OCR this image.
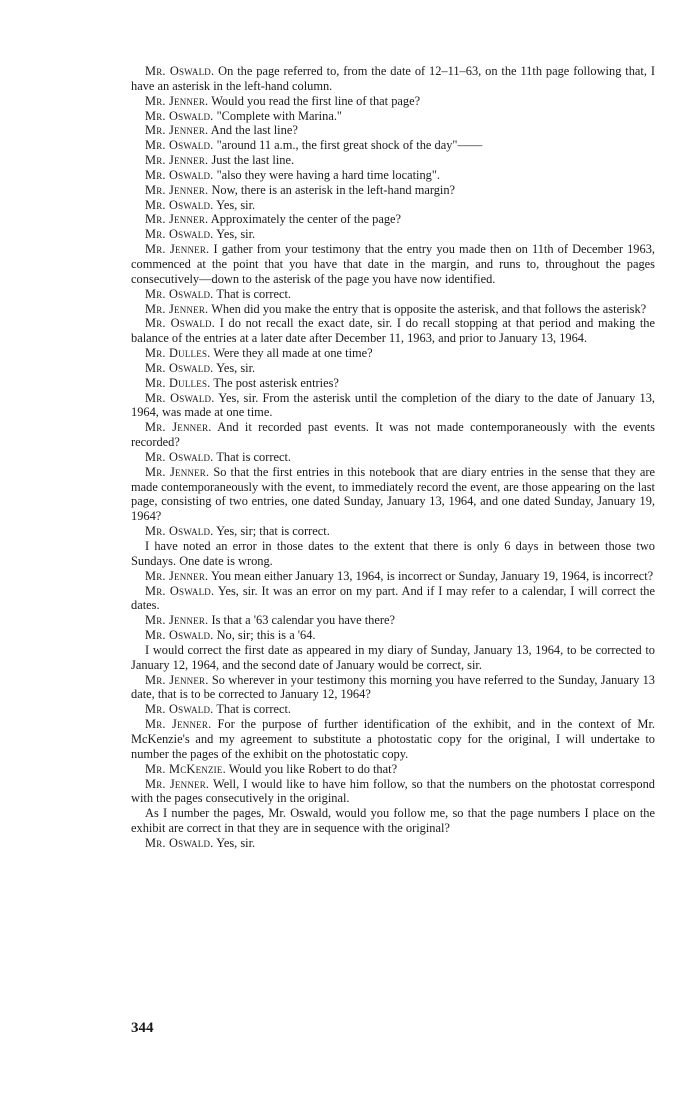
Mr. Oswald. On the page referred to, from the date of 12–11–63, on the 11th page following that, I have an asterisk in the left-hand column.

Mr. Jenner. Would you read the first line of that page?

Mr. Oswald. "Complete with Marina."

Mr. Jenner. And the last line?

Mr. Oswald. "around 11 a.m., the first great shock of the day"——

Mr. Jenner. Just the last line.

Mr. Oswald. "also they were having a hard time locating".

Mr. Jenner. Now, there is an asterisk in the left-hand margin?

Mr. Oswald. Yes, sir.

Mr. Jenner. Approximately the center of the page?

Mr. Oswald. Yes, sir.

Mr. Jenner. I gather from your testimony that the entry you made then on 11th of December 1963, commenced at the point that you have that date in the margin, and runs to, throughout the pages consecutively—down to the asterisk of the page you have now identified.

Mr. Oswald. That is correct.

Mr. Jenner. When did you make the entry that is opposite the asterisk, and that follows the asterisk?

Mr. Oswald. I do not recall the exact date, sir. I do recall stopping at that period and making the balance of the entries at a later date after December 11, 1963, and prior to January 13, 1964.

Mr. Dulles. Were they all made at one time?

Mr. Oswald. Yes, sir.

Mr. Dulles. The post asterisk entries?

Mr. Oswald. Yes, sir. From the asterisk until the completion of the diary to the date of January 13, 1964, was made at one time.

Mr. Jenner. And it recorded past events. It was not made contemporaneously with the events recorded?

Mr. Oswald. That is correct.

Mr. Jenner. So that the first entries in this notebook that are diary entries in the sense that they are made contemporaneously with the event, to immediately record the event, are those appearing on the last page, consisting of two entries, one dated Sunday, January 13, 1964, and one dated Sunday, January 19, 1964?

Mr. Oswald. Yes, sir; that is correct.

I have noted an error in those dates to the extent that there is only 6 days in between those two Sundays. One date is wrong.

Mr. Jenner. You mean either January 13, 1964, is incorrect or Sunday, January 19, 1964, is incorrect?

Mr. Oswald. Yes, sir. It was an error on my part. And if I may refer to a calendar, I will correct the dates.

Mr. Jenner. Is that a '63 calendar you have there?

Mr. Oswald. No, sir; this is a '64.

I would correct the first date as appeared in my diary of Sunday, January 13, 1964, to be corrected to January 12, 1964, and the second date of January would be correct, sir.

Mr. Jenner. So wherever in your testimony this morning you have referred to the Sunday, January 13 date, that is to be corrected to January 12, 1964?

Mr. Oswald. That is correct.

Mr. Jenner. For the purpose of further identification of the exhibit, and in the context of Mr. McKenzie's and my agreement to substitute a photostatic copy for the original, I will undertake to number the pages of the exhibit on the photostatic copy.

Mr. McKenzie. Would you like Robert to do that?

Mr. Jenner. Well, I would like to have him follow, so that the numbers on the photostat correspond with the pages consecutively in the original.

As I number the pages, Mr. Oswald, would you follow me, so that the page numbers I place on the exhibit are correct in that they are in sequence with the original?

Mr. Oswald. Yes, sir.

344
